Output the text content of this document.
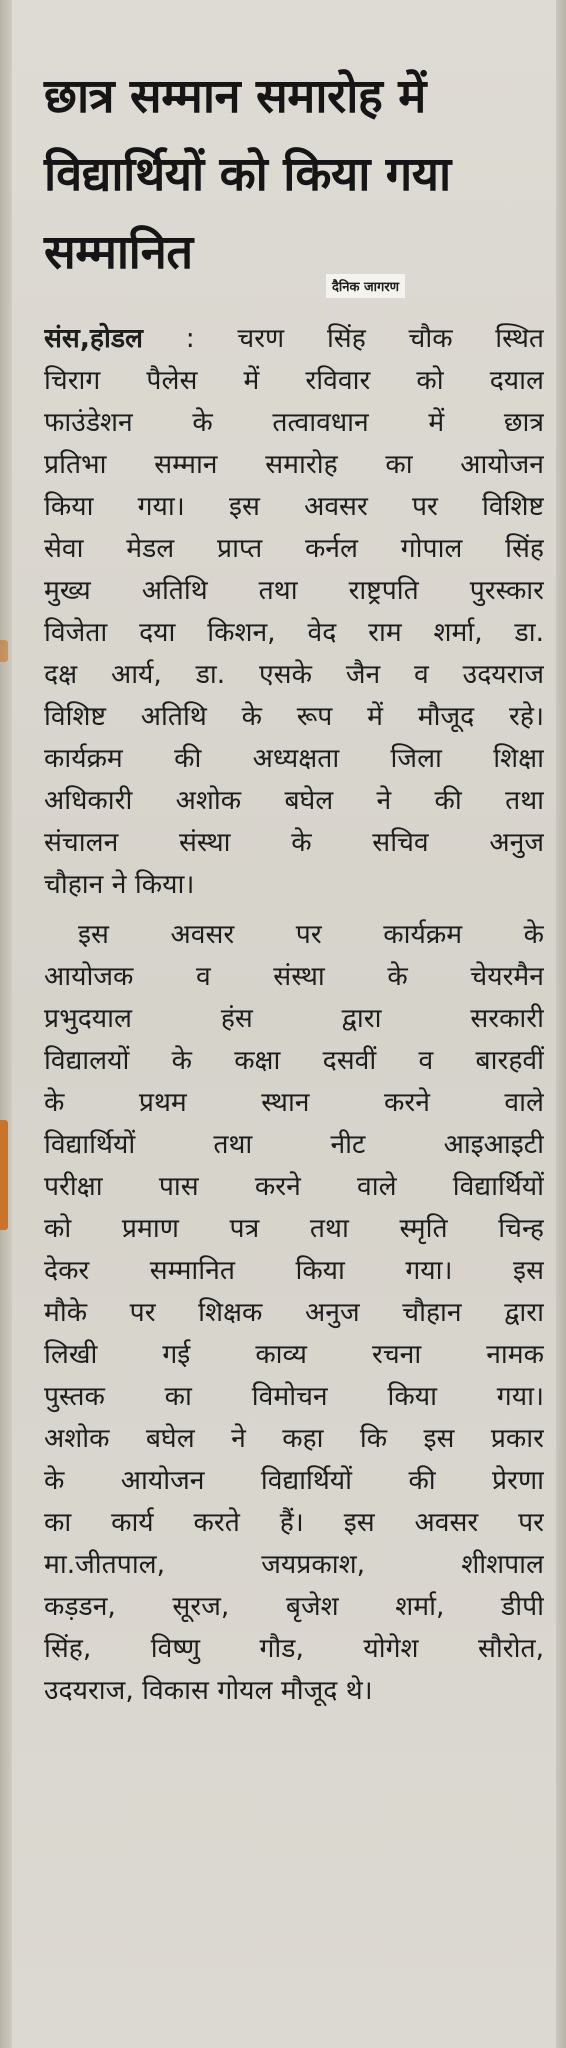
छात्र सम्मान समारोह में
विद्यार्थियों को किया गया
सम्मानित
दैनिक जागरण
संस,होडल : चरण सिंह चौक स्थित
चिराग पैलेस में रविवार को दयाल
फाउंडेशन के तत्वावधान में छात्र
प्रतिभा सम्मान समारोह का आयोजन
किया गया। इस अवसर पर विशिष्ट
सेवा मेडल प्राप्त कर्नल गोपाल सिंह
मुख्य अतिथि तथा राष्ट्रपति पुरस्कार
विजेता दया किशन, वेद राम शर्मा, डा.
दक्ष आर्य, डा. एसके जैन व उदयराज
विशिष्ट अतिथि के रूप में मौजूद रहे।
कार्यक्रम की अध्यक्षता जिला शिक्षा
अधिकारी अशोक बघेल ने की तथा
संचालन संस्था के सचिव अनुज
चौहान ने किया।
इस अवसर पर कार्यक्रम के
आयोजक व संस्था के चेयरमैन
प्रभुदयाल हंस द्वारा सरकारी
विद्यालयों के कक्षा दसवीं व बारहवीं
के प्रथम स्थान करने वाले
विद्यार्थियों तथा नीट आइआइटी
परीक्षा पास करने वाले विद्यार्थियों
को प्रमाण पत्र तथा स्मृति चिन्ह
देकर सम्मानित किया गया। इस
मौके पर शिक्षक अनुज चौहान द्वारा
लिखी गई काव्य रचना नामक
पुस्तक का विमोचन किया गया।
अशोक बघेल ने कहा कि इस प्रकार
के आयोजन विद्यार्थियों की प्रेरणा
का कार्य करते हैं। इस अवसर पर
मा.जीतपाल, जयप्रकाश, शीशपाल
कड़डन, सूरज, बृजेश शर्मा, डीपी
सिंह, विष्णु गौड, योगेश सौरोत,
उदयराज, विकास गोयल मौजूद थे।
